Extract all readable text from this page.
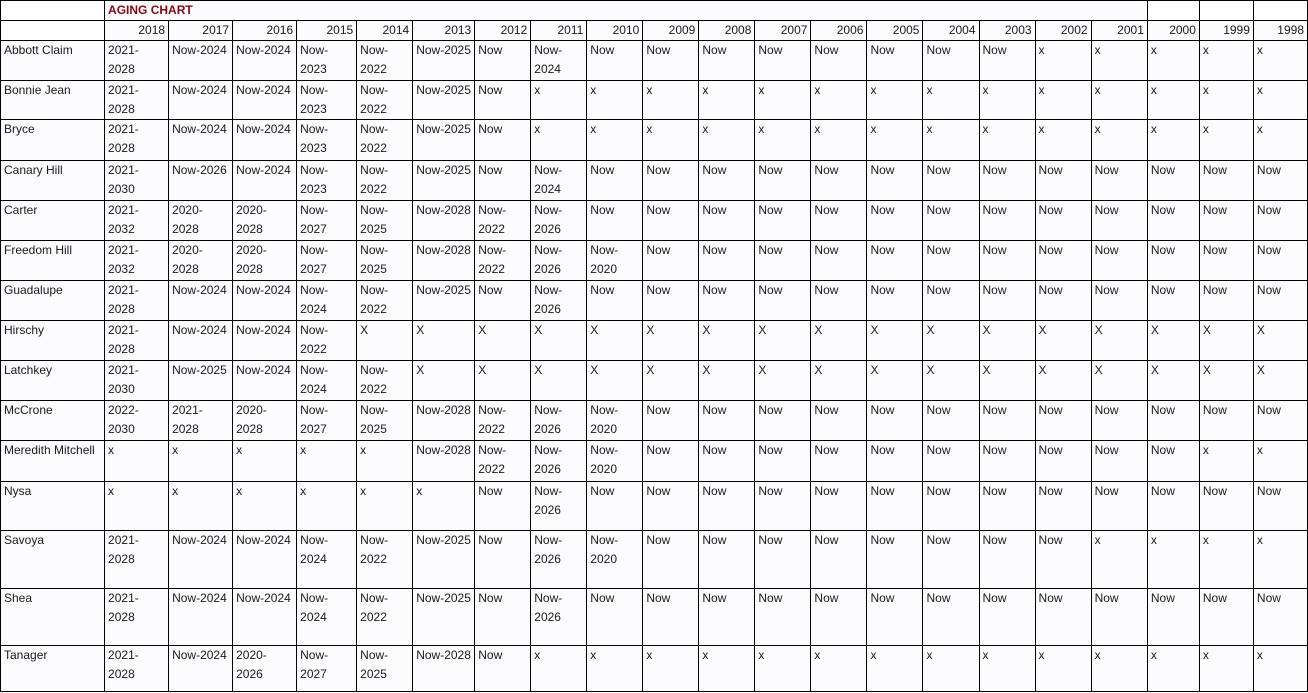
	AGING CHART																				
	2018	2017	2016	2015	2014	2013	2012	2011	2010	2009	2008	2007	2006	2005	2004	2003	2002	2001	2000	1999	1998
Abbott Claim	2021-2028	Now-2024	Now-2024	Now-2023	Now-2022	Now-2025	Now	Now-2024	Now	Now	Now	Now	Now	Now	Now	Now	x	x	x	x	x
Bonnie Jean	2021-2028	Now-2024	Now-2024	Now-2023	Now-2022	Now-2025	Now	x	x	x	x	x	x	x	x	x	x	x	x	x	x
Bryce	2021-2028	Now-2024	Now-2024	Now-2023	Now-2022	Now-2025	Now	x	x	x	x	x	x	x	x	x	x	x	x	x	x
Canary Hill	2021-2030	Now-2026	Now-2024	Now-2023	Now-2022	Now-2025	Now	Now-2024	Now	Now	Now	Now	Now	Now	Now	Now	Now	Now	Now	Now	Now
Carter	2021-2032	2020-2028	2020-2028	Now-2027	Now-2025	Now-2028	Now-2022	Now-2026	Now	Now	Now	Now	Now	Now	Now	Now	Now	Now	Now	Now	Now
Freedom Hill	2021-2032	2020-2028	2020-2028	Now-2027	Now-2025	Now-2028	Now-2022	Now-2026	Now-2020	Now	Now	Now	Now	Now	Now	Now	Now	Now	Now	Now	Now
Guadalupe	2021-2028	Now-2024	Now-2024	Now-2024	Now-2022	Now-2025	Now	Now-2026	Now	Now	Now	Now	Now	Now	Now	Now	Now	Now	Now	Now	Now
Hirschy	2021-2028	Now-2024	Now-2024	Now-2022	X	X	X	X	X	X	X	X	X	X	X	X	X	X	X	X	X
Latchkey	2021-2030	Now-2025	Now-2024	Now-2024	Now-2022	X	X	X	X	X	X	X	X	X	X	X	X	X	X	X	X
McCrone	2022-2030	2021-2028	2020-2028	Now-2027	Now-2025	Now-2028	Now-2022	Now-2026	Now-2020	Now	Now	Now	Now	Now	Now	Now	Now	Now	Now	Now	Now
Meredith Mitchell	x	x	x	x	x	Now-2028	Now-2022	Now-2026	Now-2020	Now	Now	Now	Now	Now	Now	Now	Now	Now	Now	x	x
Nysa	x	x	x	x	x	x	Now	Now-2026	Now	Now	Now	Now	Now	Now	Now	Now	Now	Now	Now	Now	Now
Savoya	2021-2028	Now-2024	Now-2024	Now-2024	Now-2022	Now-2025	Now	Now-2026	Now-2020	Now	Now	Now	Now	Now	Now	Now	Now	x	x	x	x
Shea	2021-2028	Now-2024	Now-2024	Now-2024	Now-2022	Now-2025	Now	Now-2026	Now	Now	Now	Now	Now	Now	Now	Now	Now	Now	Now	Now	Now
Tanager	2021-2028	Now-2024	2020-2026	Now-2027	Now-2025	Now-2028	Now	x	x	x	x	x	x	x	x	x	x	x	x	x	x
